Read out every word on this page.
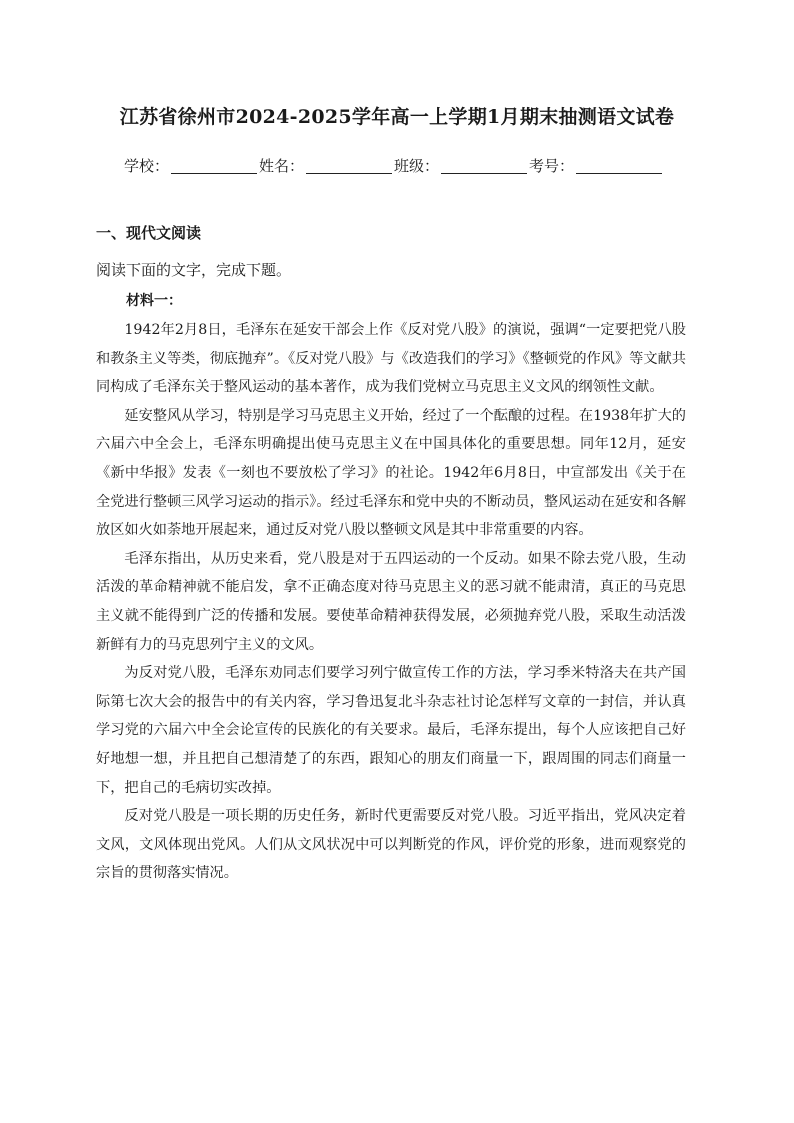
江苏省徐州市2024-2025学年高一上学期1月期末抽测语文试卷
学校：	姓名：	班级：	考号：
一、现代文阅读
阅读下面的文字，完成下题。
材料一：

1942年2月8日，毛泽东在延安干部会上作《反对党八股》的演说，强调“一定要把党八股和教条主义等类，彻底抛弃”。《反对党八股》与《改造我们的学习》《整顿党的作风》等文献共同构成了毛泽东关于整风运动的基本著作，成为我们党树立马克思主义文风的纲领性文献。

延安整风从学习，特别是学习马克思主义开始，经过了一个酝酿的过程。在1938年扩大的六届六中全会上，毛泽东明确提出使马克思主义在中国具体化的重要思想。同年12月，延安《新中华报》发表《一刻也不要放松了学习》的社论。1942年6月8日，中宣部发出《关于在全党进行整顿三风学习运动的指示》。经过毛泽东和党中央的不断动员，整风运动在延安和各解放区如火如荼地开展起来，通过反对党八股以整顿文风是其中非常重要的内容。

毛泽东指出，从历史来看，党八股是对于五四运动的一个反动。如果不除去党八股，生动活泼的革命精神就不能启发，拿不正确态度对待马克思主义的恶习就不能肃清，真正的马克思主义就不能得到广泛的传播和发展。要使革命精神获得发展，必须抛弃党八股，采取生动活泼新鲜有力的马克思列宁主义的文风。

为反对党八股，毛泽东劝同志们要学习列宁做宣传工作的方法，学习季米特洛夫在共产国际第七次大会的报告中的有关内容，学习鲁迅复北斗杂志社讨论怎样写文章的一封信，并认真学习党的六届六中全会论宣传的民族化的有关要求。最后，毛泽东提出，每个人应该把自己好好地想一想，并且把自己想清楚了的东西，跟知心的朋友们商量一下，跟周围的同志们商量一下，把自己的毛病切实改掉。

反对党八股是一项长期的历史任务，新时代更需要反对党八股。习近平指出，党风决定着文风，文风体现出党风。人们从文风状况中可以判断党的作风，评价党的形象，进而观察党的宗旨的贯彻落实情况。
